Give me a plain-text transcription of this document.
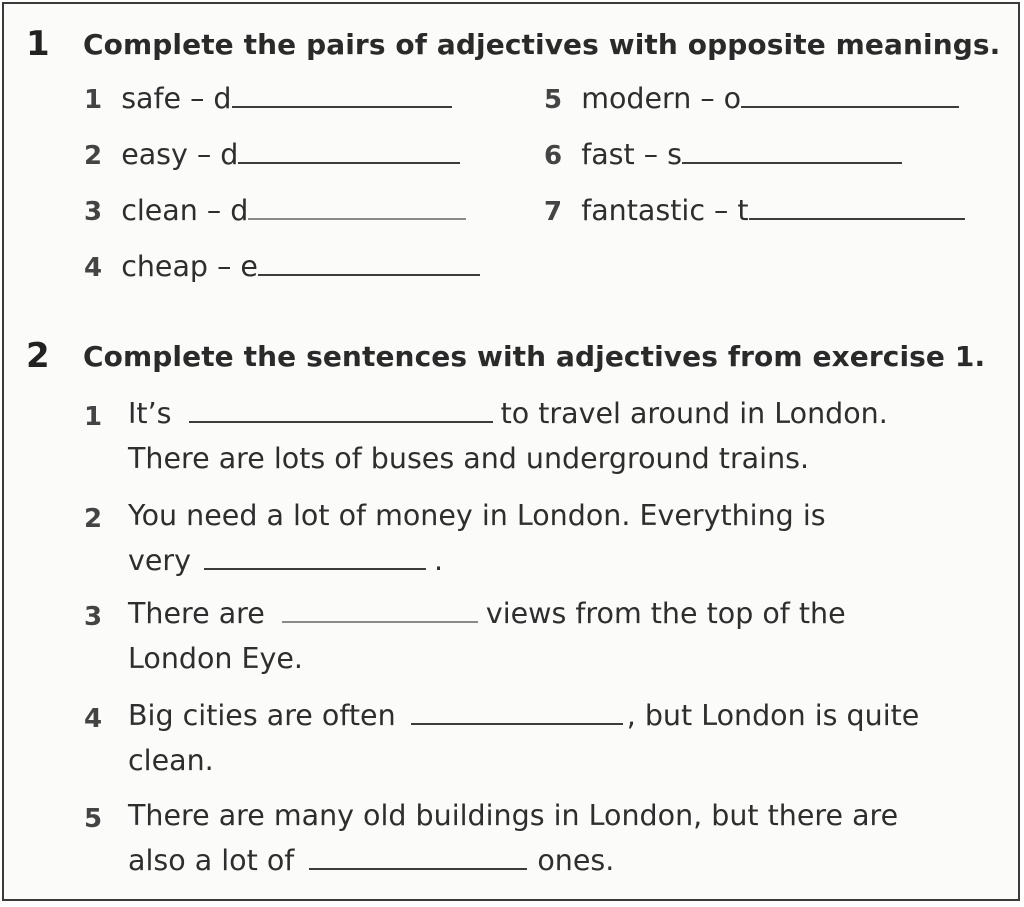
1 Complete the pairs of adjectives with opposite meanings.
1 safe – d
2 easy – d
3 clean – d
4 cheap – e
5 modern – o
6 fast – s
7 fantastic – t
2 Complete the sentences with adjectives from exercise 1.
1 It’s	to travel around in London.
There are lots of buses and underground trains.
2 You need a lot of money in London. Everything is
very	.
3 There are	views from the top of the
London Eye.
4 Big cities are often	, but London is quite
clean.
5 There are many old buildings in London, but there are
also a lot of	ones.
